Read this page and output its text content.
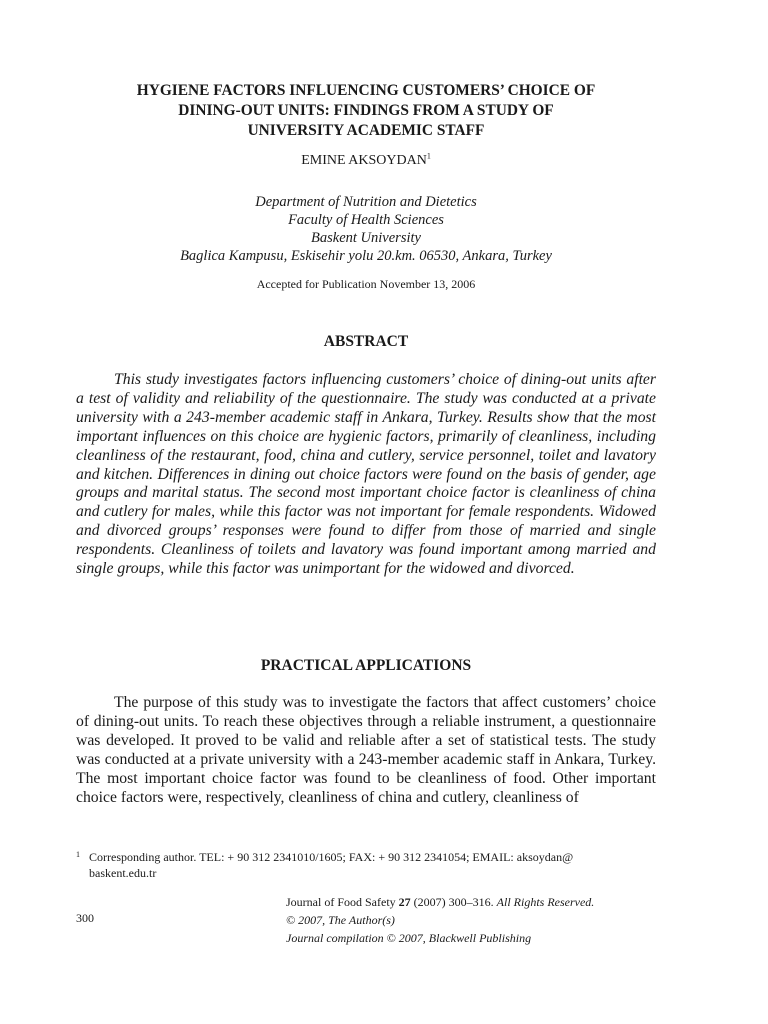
HYGIENE FACTORS INFLUENCING CUSTOMERS’ CHOICE OF
DINING-OUT UNITS: FINDINGS FROM A STUDY OF
UNIVERSITY ACADEMIC STAFF
EMINE AKSOYDAN$^1$
Department of Nutrition and Dietetics
Faculty of Health Sciences
Baskent University
Baglica Kampusu, Eskisehir yolu 20.km. 06530, Ankara, Turkey
Accepted for Publication November 13, 2006
ABSTRACT

This study investigates factors influencing customers’ choice of dining-out units after a test of validity and reliability of the questionnaire. The study was conducted at a private university with a 243-member academic staff in Ankara, Turkey. Results show that the most important influences on this choice are hygienic factors, primarily of cleanliness, including cleanliness of the restaurant, food, china and cutlery, service personnel, toilet and lavatory and kitchen. Differences in dining out choice factors were found on the basis of gender, age groups and marital status. The second most important choice factor is cleanliness of china and cutlery for males, while this factor was not important for female respondents. Widowed and divorced groups’ responses were found to differ from those of married and single respondents. Cleanliness of toilets and lavatory was found important among married and single groups, while this factor was unimportant for the widowed and divorced.

PRACTICAL APPLICATIONS

The purpose of this study was to investigate the factors that affect customers’ choice of dining-out units. To reach these objectives through a reliable instrument, a questionnaire was developed. It proved to be valid and reliable after a set of statistical tests. The study was conducted at a private university with a 243-member academic staff in Ankara, Turkey. The most important choice factor was found to be cleanliness of food. Other important choice factors were, respectively, cleanliness of china and cutlery, cleanliness of

1 Corresponding author. TEL: + 90 312 2341010/1605; FAX: + 90 312 2341054; EMAIL: aksoydan@
baskent.edu.tr
300
Journal of Food Safety 27 (2007) 300–316. All Rights Reserved.
© 2007, The Author(s)
Journal compilation © 2007, Blackwell Publishing
